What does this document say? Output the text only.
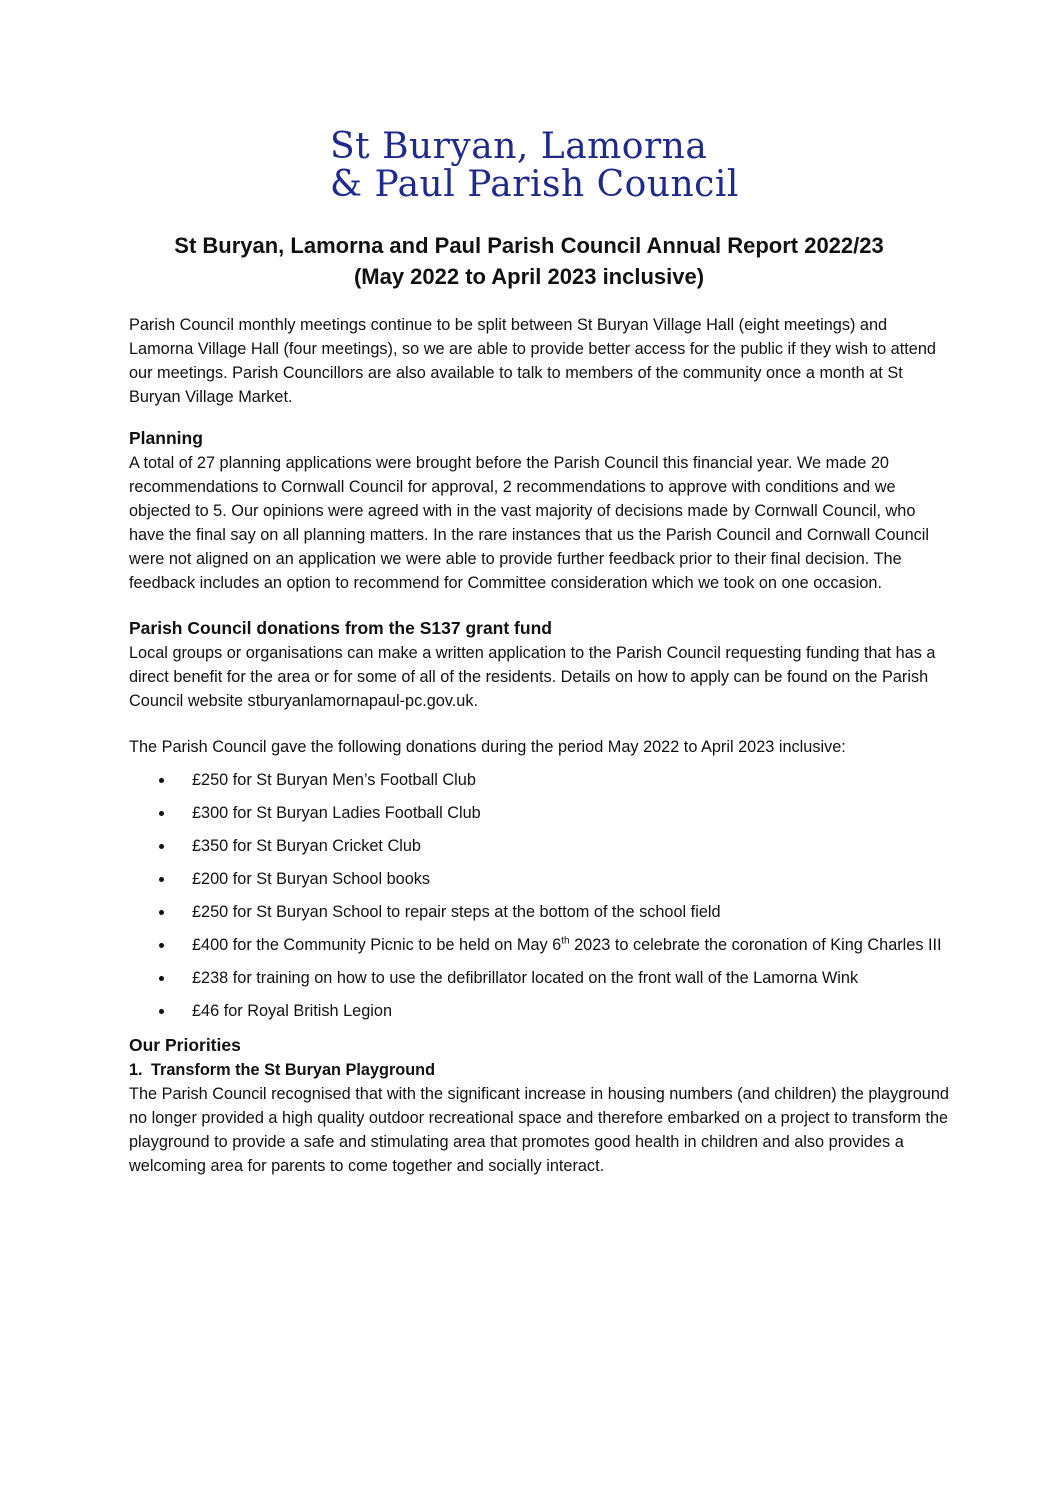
St Buryan, Lamorna
& Paul Parish Council
St Buryan, Lamorna and Paul Parish Council Annual Report 2022/23
(May 2022 to April 2023 inclusive)

Parish Council monthly meetings continue to be split between St Buryan Village Hall (eight meetings) and Lamorna Village Hall (four meetings), so we are able to provide better access for the public if they wish to attend our meetings. Parish Councillors are also available to talk to members of the community once a month at St Buryan Village Market.

Planning

A total of 27 planning applications were brought before the Parish Council this financial year. We made 20 recommendations to Cornwall Council for approval, 2 recommendations to approve with conditions and we objected to 5. Our opinions were agreed with in the vast majority of decisions made by Cornwall Council, who have the final say on all planning matters. In the rare instances that us the Parish Council and Cornwall Council were not aligned on an application we were able to provide further feedback prior to their final decision. The feedback includes an option to recommend for Committee consideration which we took on one occasion.

Parish Council donations from the S137 grant fund

Local groups or organisations can make a written application to the Parish Council requesting funding that has a direct benefit for the area or for some of all of the residents. Details on how to apply can be found on the Parish Council website stburyanlamornapaul-pc.gov.uk.

The Parish Council gave the following donations during the period May 2022 to April 2023 inclusive:

£250 for St Buryan Men’s Football Club
£300 for St Buryan Ladies Football Club
£350 for St Buryan Cricket Club
£200 for St Buryan School books
£250 for St Buryan School to repair steps at the bottom of the school field
£400 for the Community Picnic to be held on May 6th 2023 to celebrate the coronation of King Charles III
£238 for training on how to use the defibrillator located on the front wall of the Lamorna Wink
£46 for Royal British Legion
Our Priorities

1. Transform the St Buryan Playground

The Parish Council recognised that with the significant increase in housing numbers (and children) the playground no longer provided a high quality outdoor recreational space and therefore embarked on a project to transform the playground to provide a safe and stimulating area that promotes good health in children and also provides a welcoming area for parents to come together and socially interact.
